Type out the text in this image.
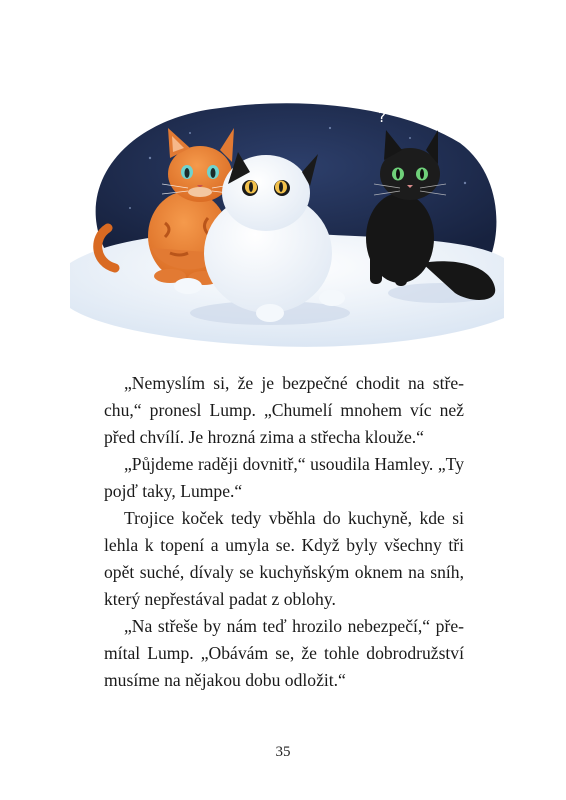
?

„Nemyslím si, že je bezpečné chodit na stře-
chu,“ pronesl Lump. „Chumelí mnohem víc než
před chvílí. Je hrozná zima a střecha klouže.“

„Půjdeme raději dovnitř,“ usoudila Hamley. „Ty
pojď taky, Lumpe.“

Trojice koček tedy vběhla do kuchyně, kde si
lehla k topení a umyla se. Když byly všechny tři
opět suché, dívaly se kuchyňským oknem na sníh,
který nepřestával padat z oblohy.

„Na střeše by nám teď hrozilo nebezpečí,“ pře-
mítal Lump. „Obávám se, že tohle dobrodružství
musíme na nějakou dobu odložit.“

35
